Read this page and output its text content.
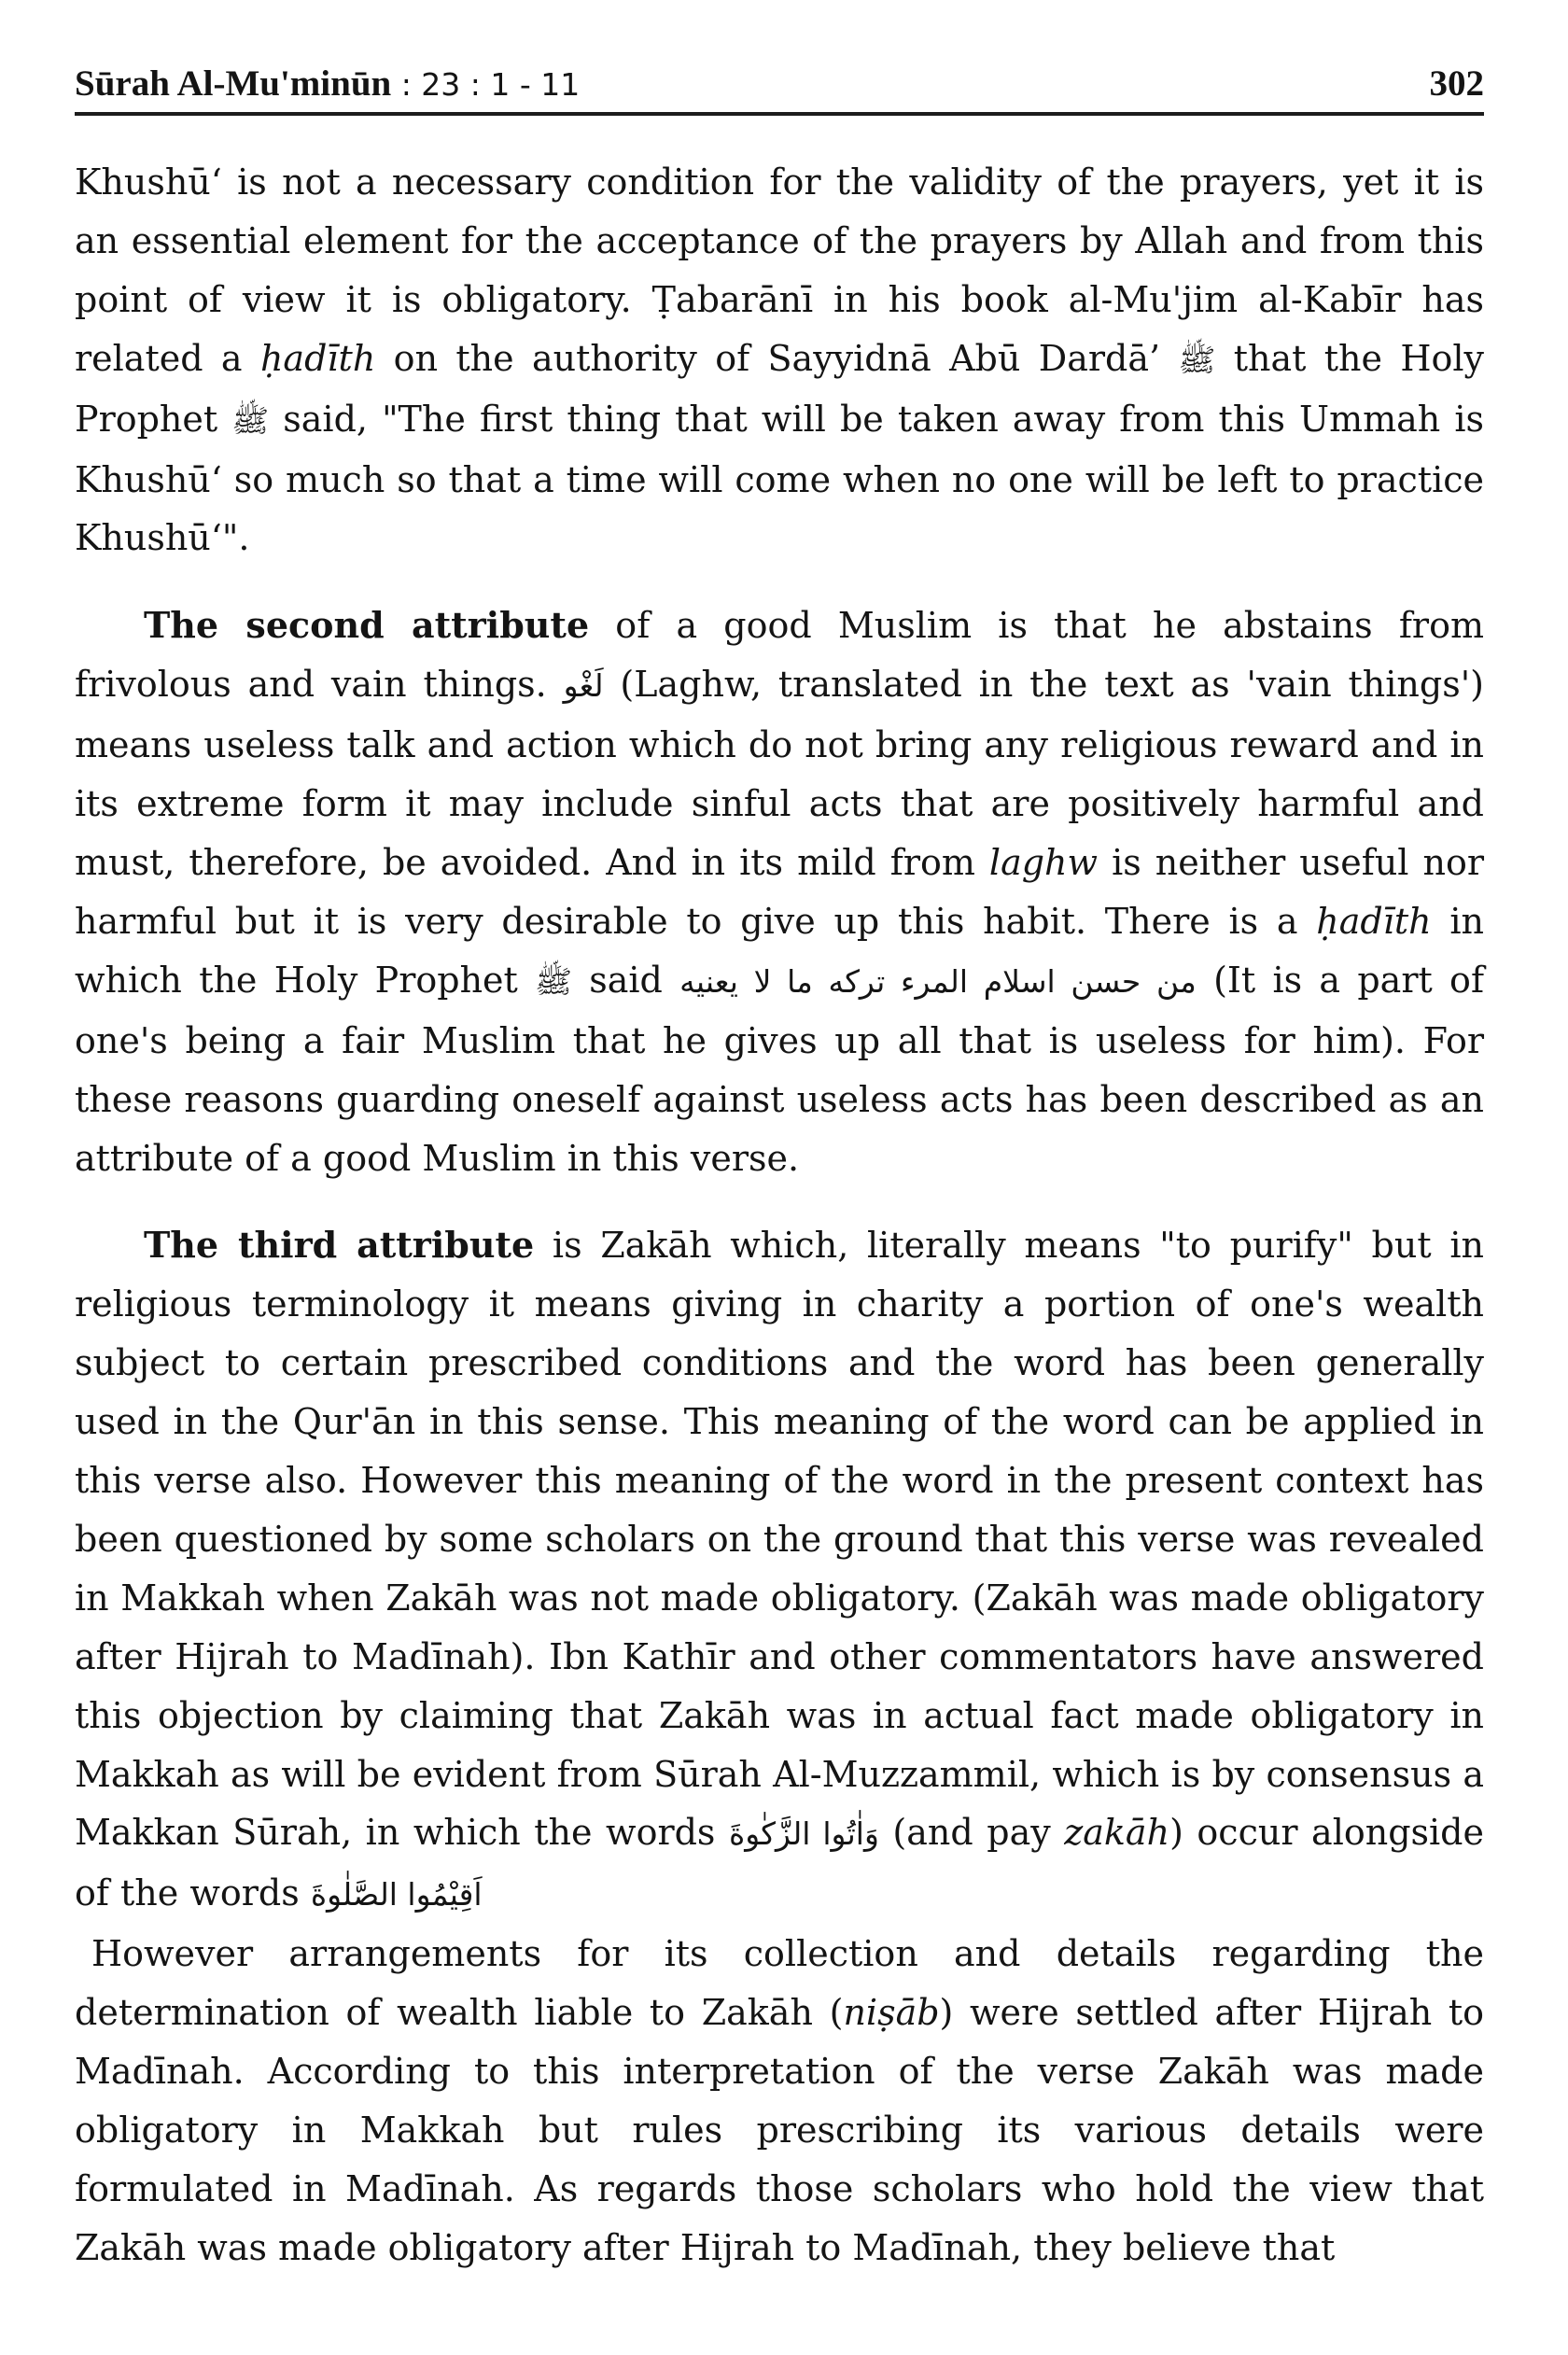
Sūrah Al-Mu'minūn : 23 : 1 - 11	302

Khushū‘ is not a necessary condition for the validity of the prayers, yet it is an essential element for the acceptance of the prayers by Allah and from this point of view it is obligatory. Ṭabarānī in his book al-Mu'jim al-Kabīr has related a ḥadīth on the authority of Sayyidnā Abū Dardā’ ﷺ that the Holy Prophet ﷺ said, "The first thing that will be taken away from this Ummah is Khushū‘ so much so that a time will come when no one will be left to practice Khushū‘".

The second attribute of a good Muslim is that he abstains from frivolous and vain things. لَغْو (Laghw, translated in the text as 'vain things') means useless talk and action which do not bring any religious reward and in its extreme form it may include sinful acts that are positively harmful and must, therefore, be avoided. And in its mild from laghw is neither useful nor harmful but it is very desirable to give up this habit. There is a ḥadīth in which the Holy Prophet ﷺ said من حسن اسلام المرء تركه ما لا يعنيه (It is a part of one's being a fair Muslim that he gives up all that is useless for him). For these reasons guarding oneself against useless acts has been described as an attribute of a good Muslim in this verse.

The third attribute is Zakāh which, literally means "to purify" but in religious terminology it means giving in charity a portion of one's wealth subject to certain prescribed conditions and the word has been generally used in the Qur'ān in this sense. This meaning of the word can be applied in this verse also. However this meaning of the word in the present context has been questioned by some scholars on the ground that this verse was revealed in Makkah when Zakāh was not made obligatory. (Zakāh was made obligatory after Hijrah to Madīnah). Ibn Kathīr and other commentators have answered this objection by claiming that Zakāh was in actual fact made obligatory in Makkah as will be evident from Sūrah Al-Muzzammil, which is by consensus a Makkan Sūrah, in which the words وَاٰتُوا الزَّكٰوةَ (and pay zakāh) occur alongside of the words اَقِيْمُوا الصَّلٰوةَ

However arrangements for its collection and details regarding the determination of wealth liable to Zakāh (niṣāb) were settled after Hijrah to Madīnah. According to this interpretation of the verse Zakāh was made obligatory in Makkah but rules prescribing its various details were formulated in Madīnah. As regards those scholars who hold the view that Zakāh was made obligatory after Hijrah to Madīnah, they believe that
